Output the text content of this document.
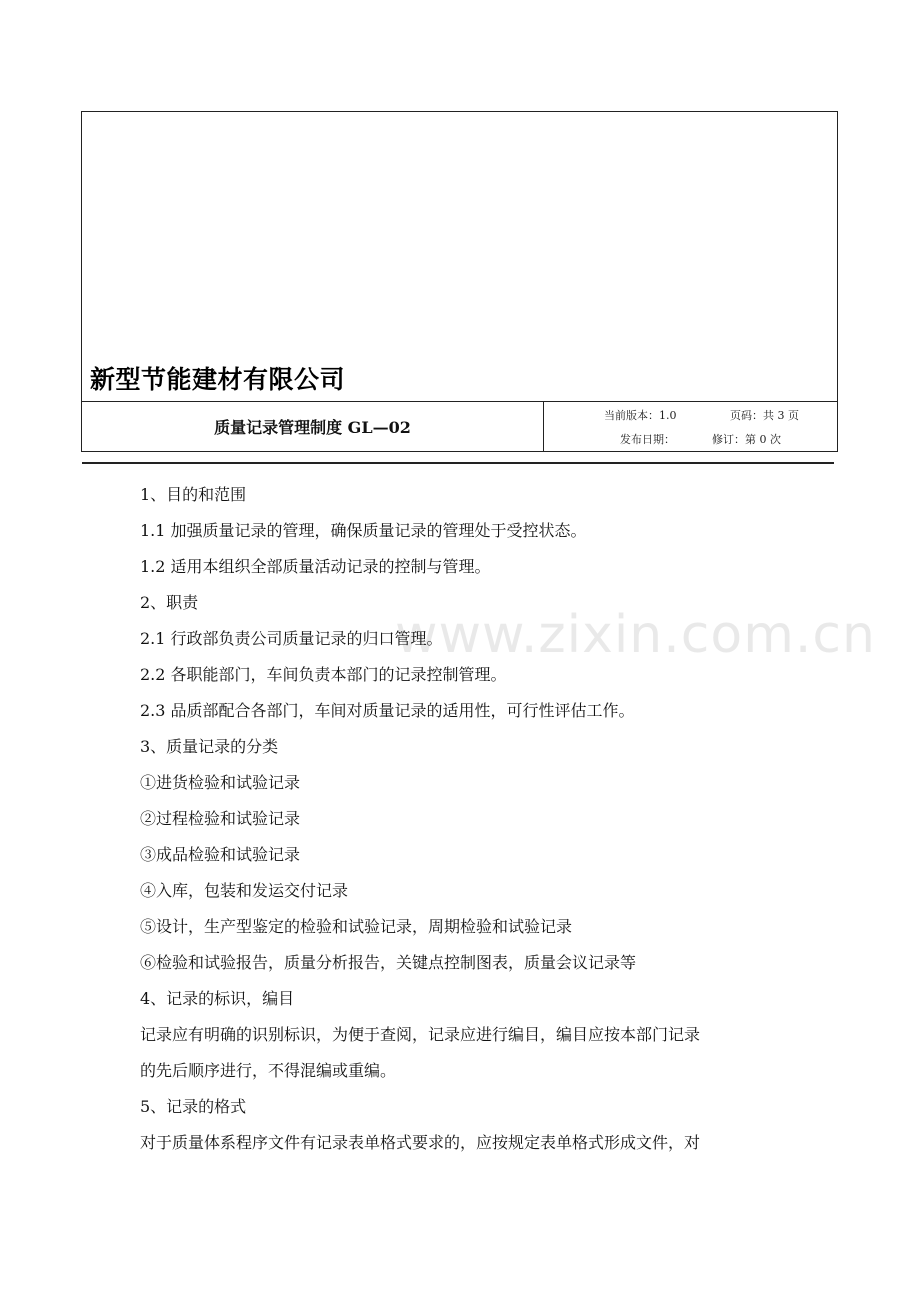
新型节能建材有限公司
质量记录管理制度 GL—02
当前版本：1.0	页码：共 3 页
发布日期：	修订：第 0 次
www.zixin.com.cn
1、目的和范围
1.1 加强质量记录的管理，确保质量记录的管理处于受控状态。
1.2 适用本组织全部质量活动记录的控制与管理。
2、职责
2.1 行政部负责公司质量记录的归口管理。
2.2 各职能部门，车间负责本部门的记录控制管理。
2.3 品质部配合各部门，车间对质量记录的适用性，可行性评估工作。
3、质量记录的分类
①进货检验和试验记录
②过程检验和试验记录
③成品检验和试验记录
④入库，包装和发运交付记录
⑤设计，生产型鉴定的检验和试验记录，周期检验和试验记录
⑥检验和试验报告，质量分析报告，关键点控制图表，质量会议记录等
4、记录的标识，编目
记录应有明确的识别标识，为便于查阅，记录应进行编目，编目应按本部门记录
的先后顺序进行，不得混编或重编。
5、记录的格式
对于质量体系程序文件有记录表单格式要求的，应按规定表单格式形成文件，对
